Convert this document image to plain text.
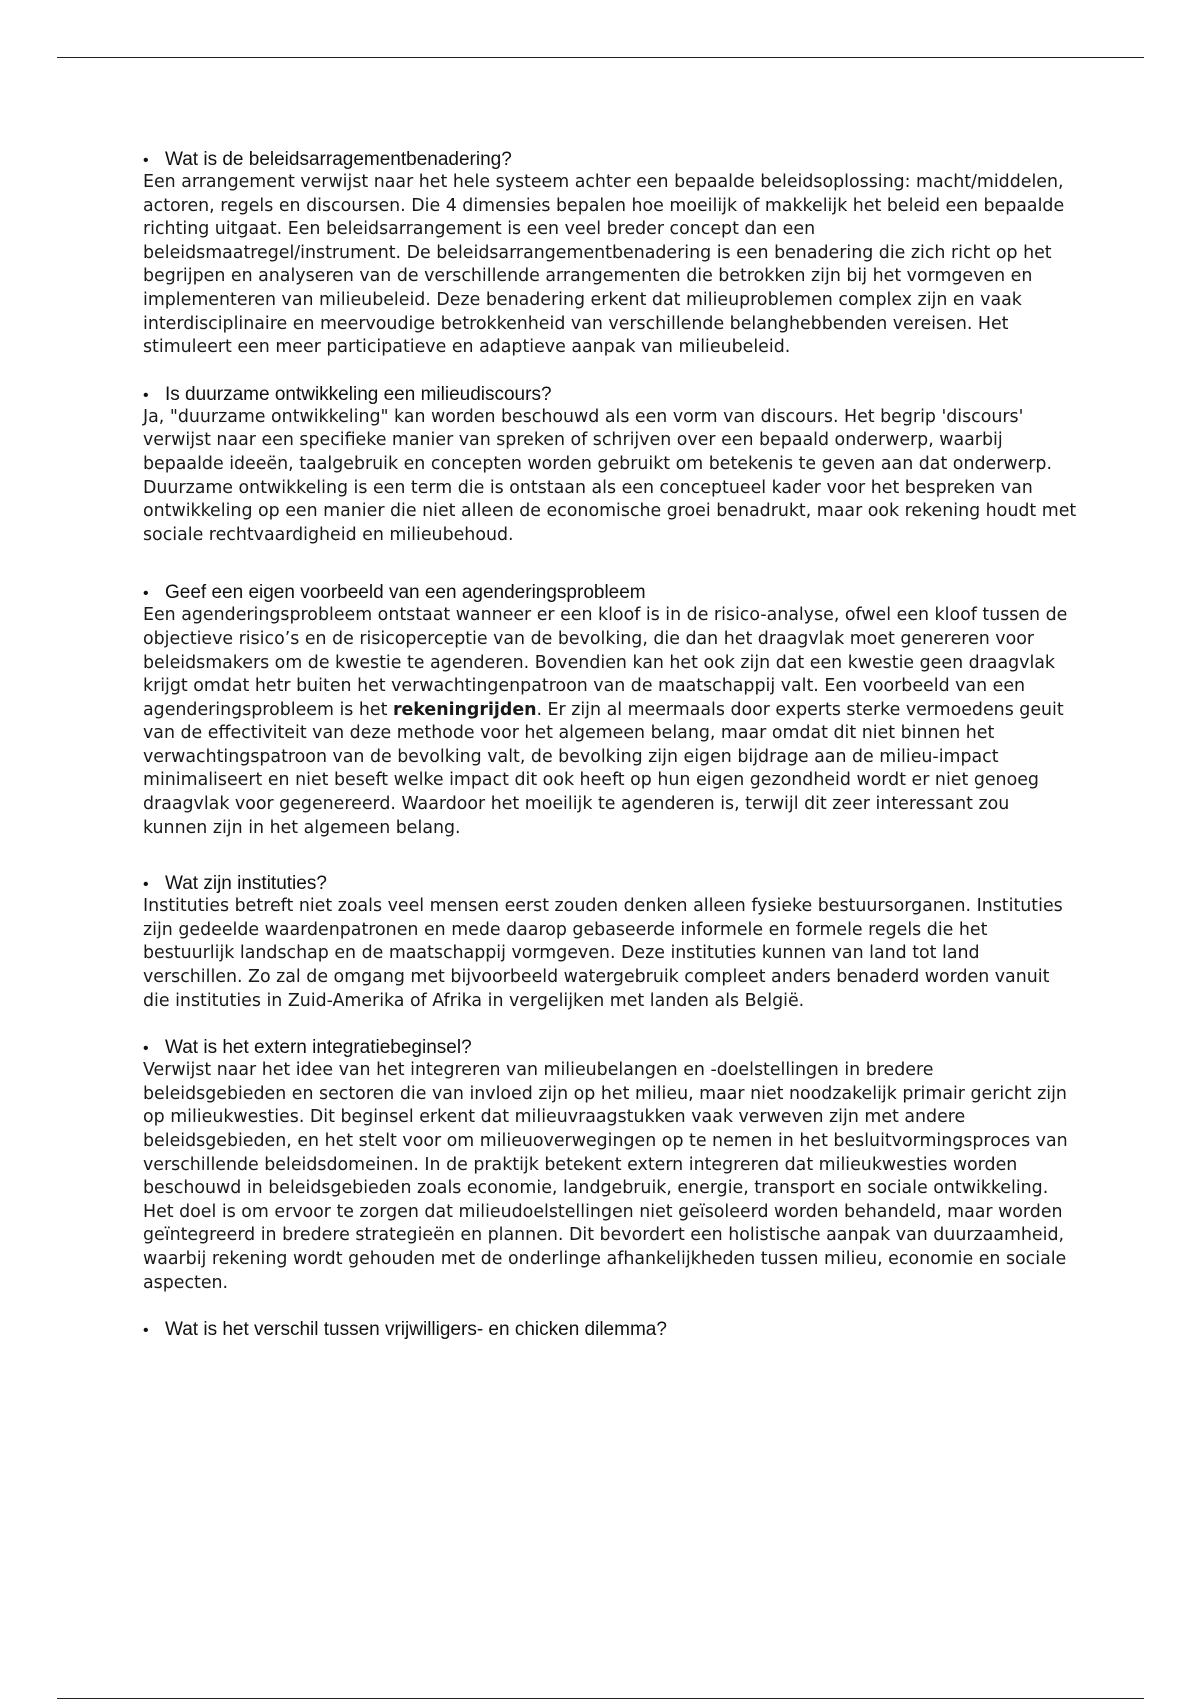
• Wat is de beleidsarragementbenadering?

Een arrangement verwijst naar het hele systeem achter een bepaalde beleidsoplossing: macht/middelen, actoren, regels en discoursen. Die 4 dimensies bepalen hoe moeilijk of makkelijk het beleid een bepaalde richting uitgaat. Een beleidsarrangement is een veel breder concept dan een beleidsmaatregel/instrument. De beleidsarrangementbenadering is een benadering die zich richt op het begrijpen en analyseren van de verschillende arrangementen die betrokken zijn bij het vormgeven en implementeren van milieubeleid. Deze benadering erkent dat milieuproblemen complex zijn en vaak interdisciplinaire en meervoudige betrokkenheid van verschillende belanghebbenden vereisen. Het stimuleert een meer participatieve en adaptieve aanpak van milieubeleid.

• Is duurzame ontwikkeling een milieudiscours?

Ja, "duurzame ontwikkeling" kan worden beschouwd als een vorm van discours. Het begrip 'discours' verwijst naar een specifieke manier van spreken of schrijven over een bepaald onderwerp, waarbij bepaalde ideeën, taalgebruik en concepten worden gebruikt om betekenis te geven aan dat onderwerp. Duurzame ontwikkeling is een term die is ontstaan als een conceptueel kader voor het bespreken van ontwikkeling op een manier die niet alleen de economische groei benadrukt, maar ook rekening houdt met sociale rechtvaardigheid en milieubehoud.

• Geef een eigen voorbeeld van een agenderingsprobleem

Een agenderingsprobleem ontstaat wanneer er een kloof is in de risico-analyse, ofwel een kloof tussen de objectieve risico’s en de risicoperceptie van de bevolking, die dan het draagvlak moet genereren voor beleidsmakers om de kwestie te agenderen. Bovendien kan het ook zijn dat een kwestie geen draagvlak krijgt omdat hetr buiten het verwachtingenpatroon van de maatschappij valt. Een voorbeeld van een agenderingsprobleem is het rekeningrijden. Er zijn al meermaals door experts sterke vermoedens geuit van de effectiviteit van deze methode voor het algemeen belang, maar omdat dit niet binnen het verwachtingspatroon van de bevolking valt, de bevolking zijn eigen bijdrage aan de milieu-impact minimaliseert en niet beseft welke impact dit ook heeft op hun eigen gezondheid wordt er niet genoeg draagvlak voor gegenereerd. Waardoor het moeilijk te agenderen is, terwijl dit zeer interessant zou kunnen zijn in het algemeen belang.

• Wat zijn instituties?

Instituties betreft niet zoals veel mensen eerst zouden denken alleen fysieke bestuursorganen. Instituties zijn gedeelde waardenpatronen en mede daarop gebaseerde informele en formele regels die het bestuurlijk landschap en de maatschappij vormgeven. Deze instituties kunnen van land tot land verschillen. Zo zal de omgang met bijvoorbeeld watergebruik compleet anders benaderd worden vanuit die instituties in Zuid-Amerika of Afrika in vergelijken met landen als België.

• Wat is het extern integratiebeginsel?

Verwijst naar het idee van het integreren van milieubelangen en -doelstellingen in bredere beleidsgebieden en sectoren die van invloed zijn op het milieu, maar niet noodzakelijk primair gericht zijn op milieukwesties. Dit beginsel erkent dat milieuvraagstukken vaak verweven zijn met andere beleidsgebieden, en het stelt voor om milieuoverwegingen op te nemen in het besluitvormingsproces van verschillende beleidsdomeinen. In de praktijk betekent extern integreren dat milieukwesties worden beschouwd in beleidsgebieden zoals economie, landgebruik, energie, transport en sociale ontwikkeling. Het doel is om ervoor te zorgen dat milieudoelstellingen niet geïsoleerd worden behandeld, maar worden geïntegreerd in bredere strategieën en plannen. Dit bevordert een holistische aanpak van duurzaamheid, waarbij rekening wordt gehouden met de onderlinge afhankelijkheden tussen milieu, economie en sociale aspecten.

• Wat is het verschil tussen vrijwilligers- en chicken dilemma?
